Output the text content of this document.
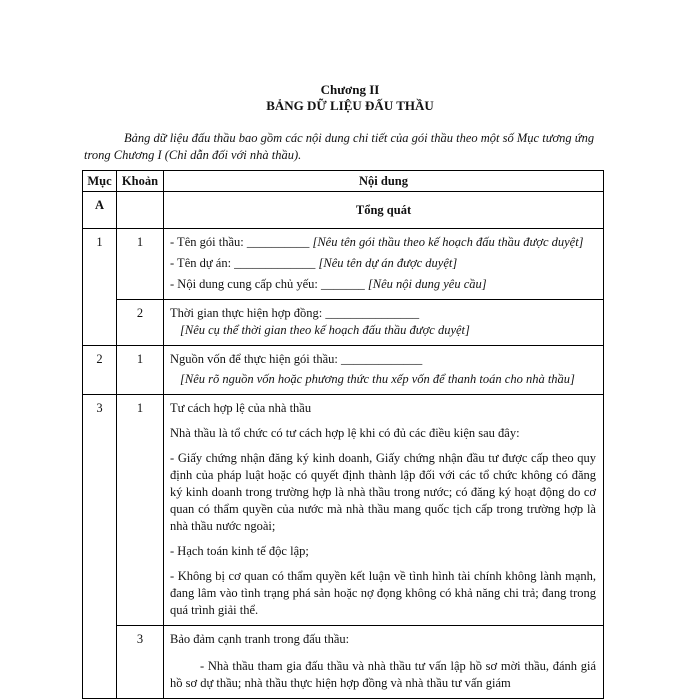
Chương II
BẢNG DỮ LIỆU ĐẤU THẦU
Bảng dữ liệu đấu thầu bao gồm các nội dung chi tiết của gói thầu theo một số Mục tương ứng trong Chương I (Chỉ dẫn đối với nhà thầu).
Mục	Khoản	Nội dung
A		Tổng quát
1	1	- Tên gói thầu: __________ [Nêu tên gói thầu theo kế hoạch đấu thầu được duyệt]

- Tên dự án: _____________ [Nêu tên dự án được duyệt]

- Nội dung cung cấp chủ yếu: _______ [Nêu nội dung yêu cầu]

	2	Thời gian thực hiện hợp đồng: _______________

[Nêu cụ thể thời gian theo kế hoạch đấu thầu được duyệt]

2	1	Nguồn vốn để thực hiện gói thầu: _____________

[Nêu rõ nguồn vốn hoặc phương thức thu xếp vốn để thanh toán cho nhà thầu]

3	1	Tư cách hợp lệ của nhà thầu

Nhà thầu là tổ chức có tư cách hợp lệ khi có đủ các điều kiện sau đây:

- Giấy chứng nhận đăng ký kinh doanh, Giấy chứng nhận đầu tư được cấp theo quy định của pháp luật hoặc có quyết định thành lập đối với các tổ chức không có đăng ký kinh doanh trong trường hợp là nhà thầu trong nước; có đăng ký hoạt động do cơ quan có thẩm quyền của nước mà nhà thầu mang quốc tịch cấp trong trường hợp là nhà thầu nước ngoài;

- Hạch toán kinh tế độc lập;

- Không bị cơ quan có thẩm quyền kết luận về tình hình tài chính không lành mạnh, đang lâm vào tình trạng phá sản hoặc nợ đọng không có khả năng chi trả; đang trong quá trình giải thể.

	3	Bảo đảm cạnh tranh trong đấu thầu:

- Nhà thầu tham gia đấu thầu và nhà thầu tư vấn lập hồ sơ mời thầu, đánh giá hồ sơ dự thầu; nhà thầu thực hiện hợp đồng và nhà thầu tư vấn giám
